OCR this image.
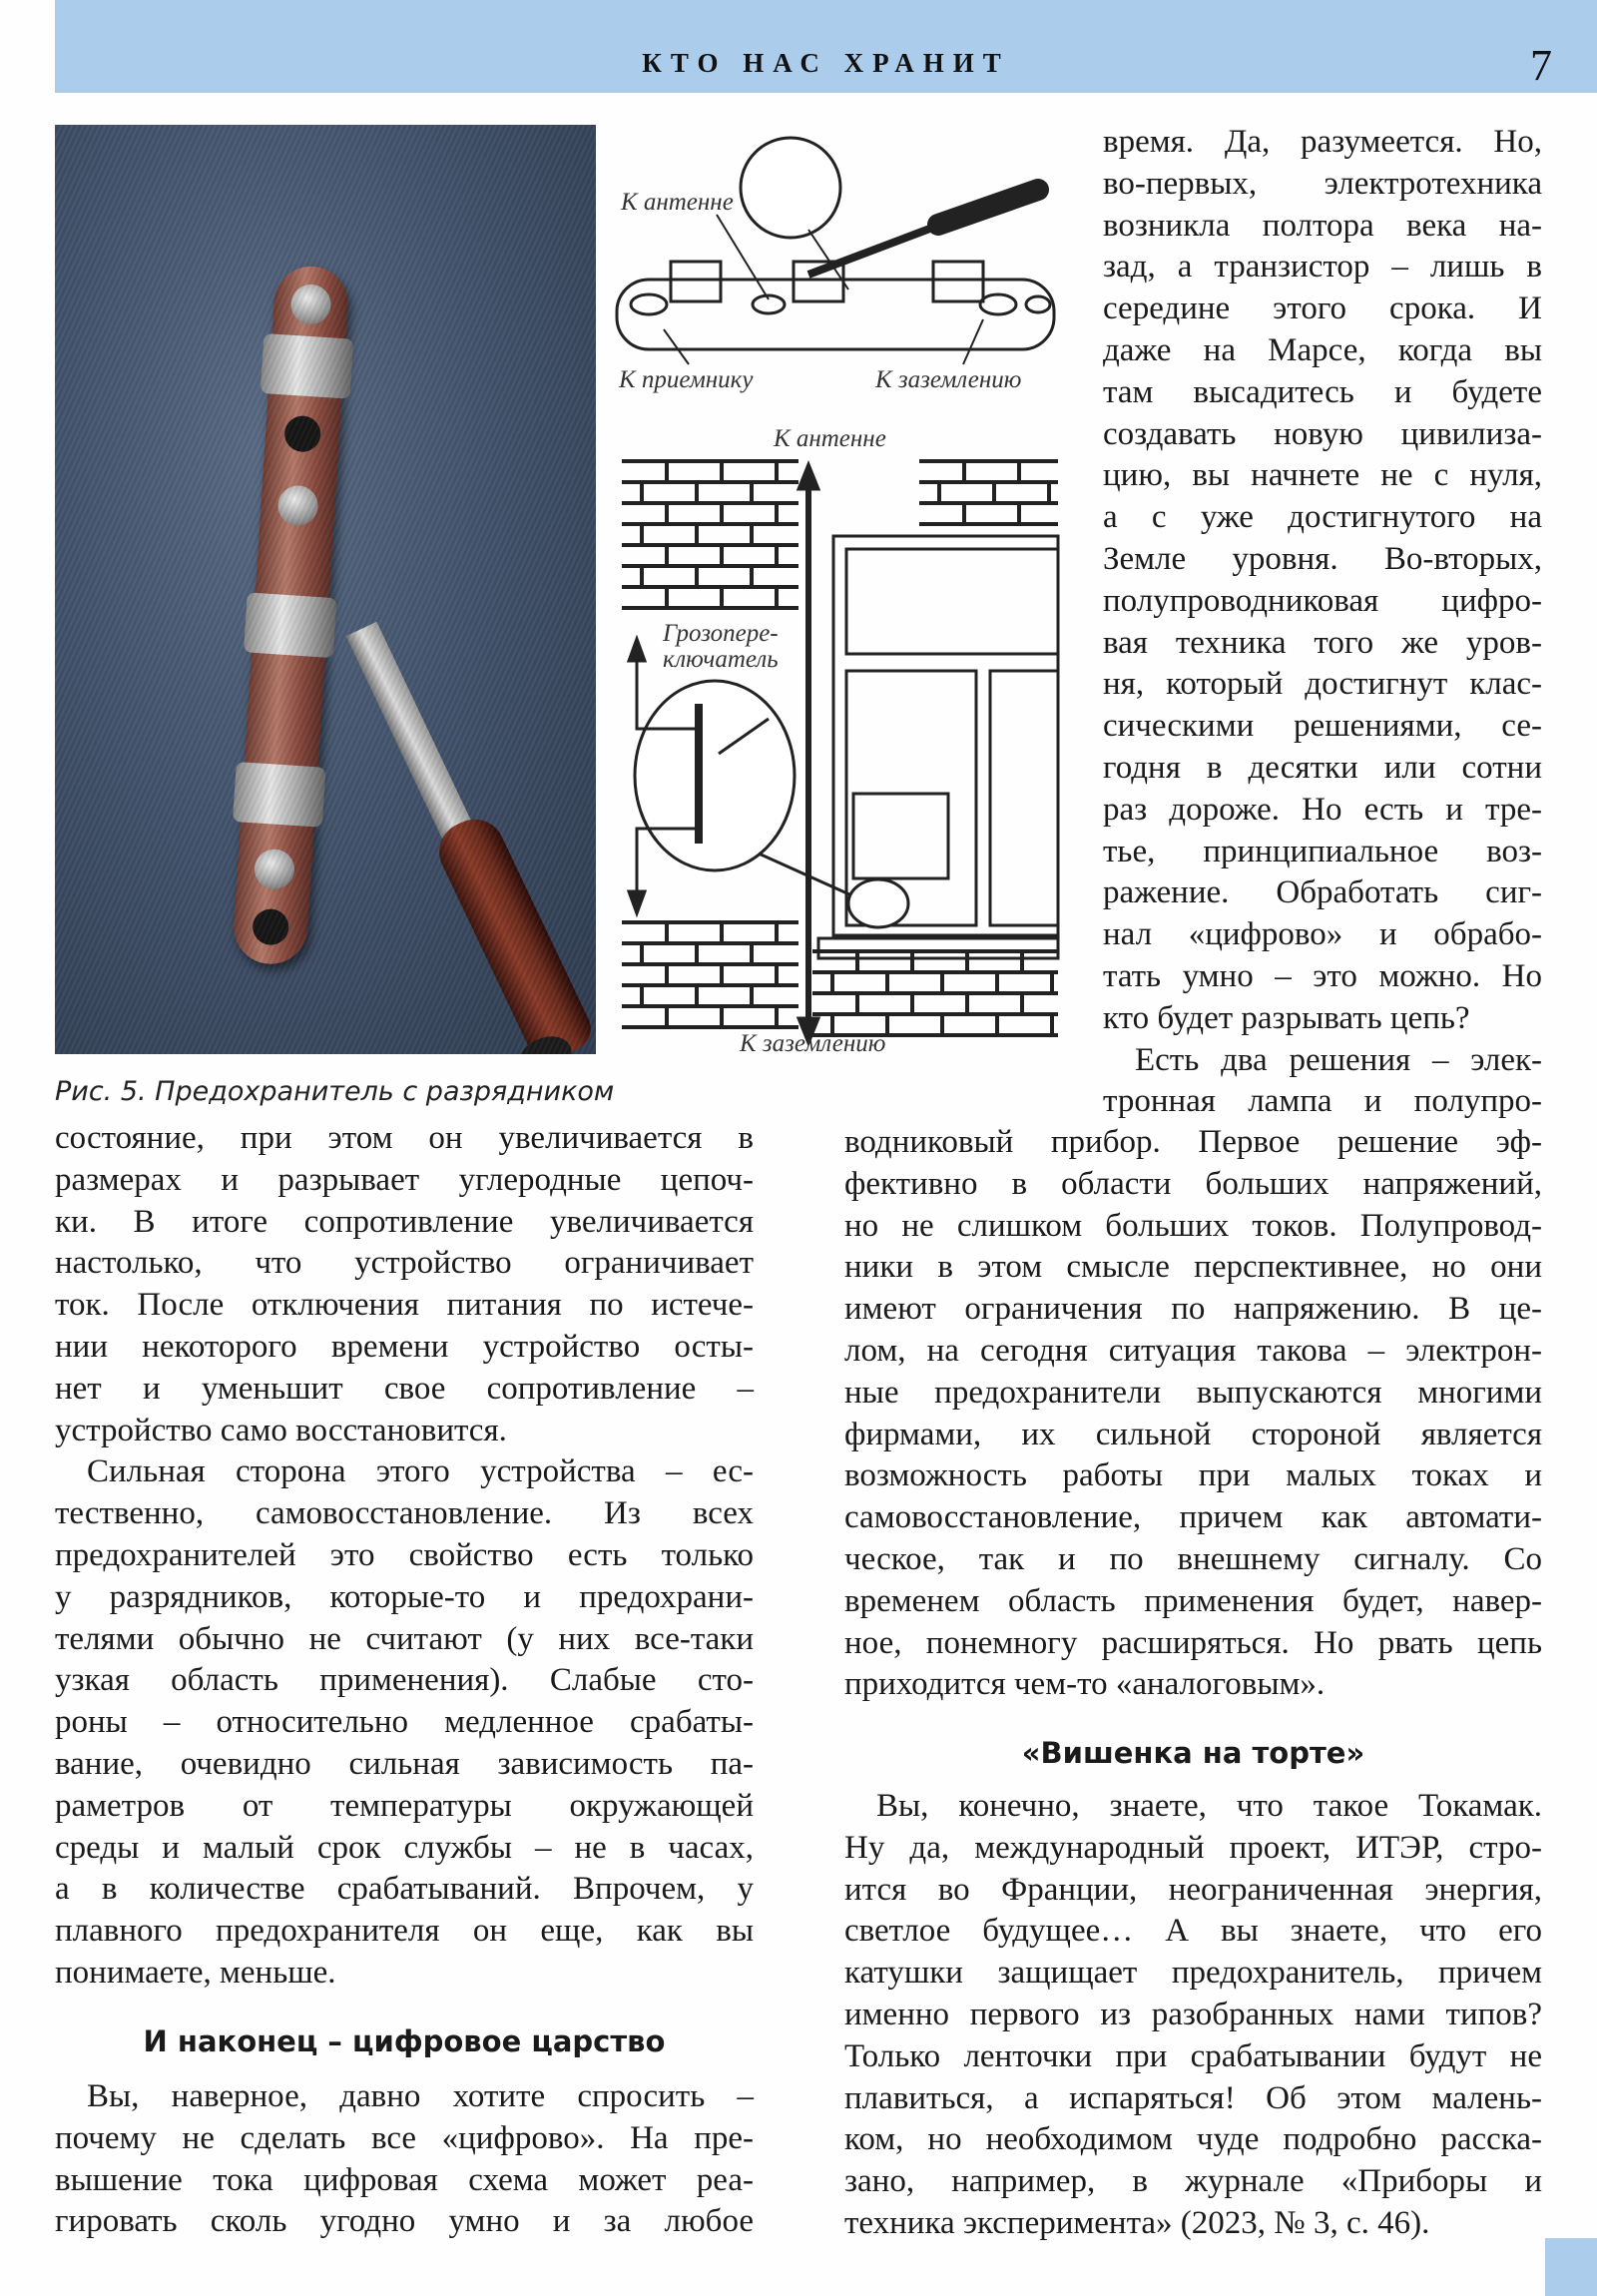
КТО НАС ХРАНИТ	7
К антенне
К приемнику	К заземлению
К антенне
Грозопере-
ключатель
К заземлению
Рис. 5. Предохранитель с разрядником
И наконец – цифровое царство
«Вишенка на торте»
время. Да, разумеется. Но,
во-первых, электротехника
возникла полтора века на-
зад, а транзистор – лишь в
середине этого срока. И
даже на Марсе, когда вы
там высадитесь и будете
создавать новую цивилиза-
цию, вы начнете не с нуля,
а с уже достигнутого на
Земле уровня. Во-вторых,
полупроводниковая цифро-
вая техника того же уров-
ня, который достигнут клас-
сическими решениями, се-
годня в десятки или сотни
раз дороже. Но есть и тре-
тье, принципиальное воз-
ражение. Обработать сиг-
нал «цифрово» и обрабо-
тать умно – это можно. Но
кто будет разрывать цепь?
Есть два решения – элек-
тронная лампа и полупро-
водниковый прибор. Первое решение эф-
фективно в области больших напряжений,
но не слишком больших токов. Полупровод-
ники в этом смысле перспективнее, но они
имеют ограничения по напряжению. В це-
лом, на сегодня ситуация такова – электрон-
ные предохранители выпускаются многими
фирмами, их сильной стороной является
возможность работы при малых токах и
самовосстановление, причем как автомати-
ческое, так и по внешнему сигналу. Со
временем область применения будет, навер-
ное, понемногу расширяться. Но рвать цепь
приходится чем-то «аналоговым».
Вы, конечно, знаете, что такое Токамак.
Ну да, международный проект, ИТЭР, стро-
ится во Франции, неограниченная энергия,
светлое будущее… А вы знаете, что его
катушки защищает предохранитель, причем
именно первого из разобранных нами типов?
Только ленточки при срабатывании будут не
плавиться, а испаряться! Об этом малень-
ком, но необходимом чуде подробно расска-
зано, например, в журнале «Приборы и
техника эксперимента» (2023, № 3, с. 46).
состояние, при этом он увеличивается в
размерах и разрывает углеродные цепоч-
ки. В итоге сопротивление увеличивается
настолько, что устройство ограничивает
ток. После отключения питания по истече-
нии некоторого времени устройство осты-
нет и уменьшит свое сопротивление –
устройство само восстановится.
Сильная сторона этого устройства – ес-
тественно, самовосстановление. Из всех
предохранителей это свойство есть только
у разрядников, которые-то и предохрани-
телями обычно не считают (у них все-таки
узкая область применения). Слабые сто-
роны – относительно медленное срабаты-
вание, очевидно сильная зависимость па-
раметров от температуры окружающей
среды и малый срок службы – не в часах,
а в количестве срабатываний. Впрочем, у
плавного предохранителя он еще, как вы
понимаете, меньше.
Вы, наверное, давно хотите спросить –
почему не сделать все «цифрово». На пре-
вышение тока цифровая схема может реа-
гировать сколь угодно умно и за любое
